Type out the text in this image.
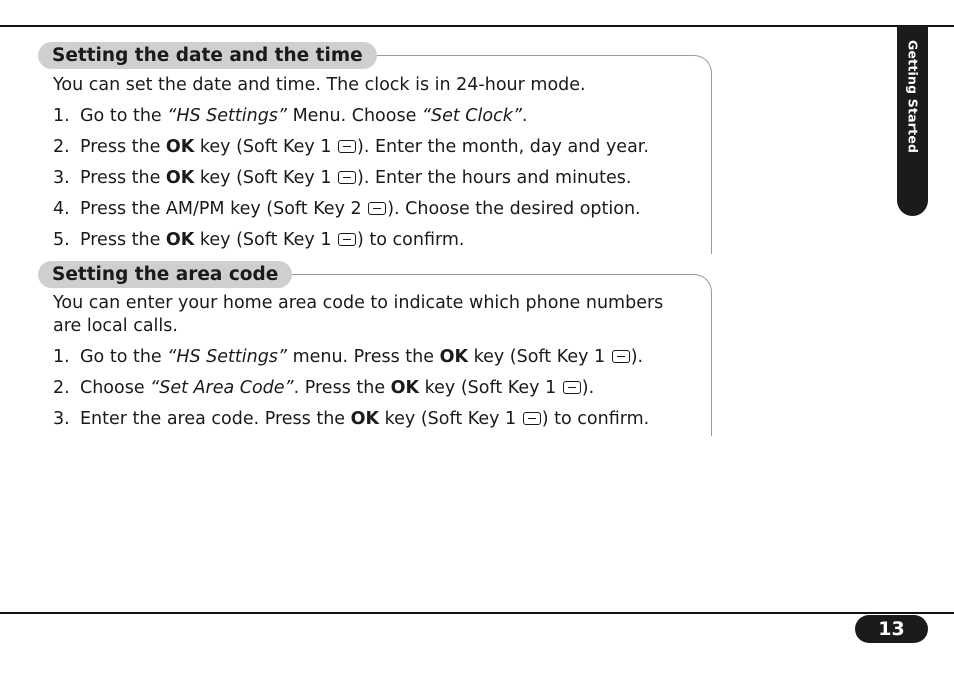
Getting Started
13
Setting the date and the time
You can set the date and time. The clock is in 24-hour mode.
1. Go to the “HS Settings” Menu. Choose “Set Clock”.
2. Press the OK key (Soft Key 1 ). Enter the month, day and year.
3. Press the OK key (Soft Key 1 ). Enter the hours and minutes.
4. Press the AM/PM key (Soft Key 2 ). Choose the desired option.
5. Press the OK key (Soft Key 1 ) to confirm.
Setting the area code
You can enter your home area code to indicate which phone numbers are local calls.
1. Go to the “HS Settings” menu. Press the OK key (Soft Key 1 ).
2. Choose “Set Area Code”. Press the OK key (Soft Key 1 ).
3. Enter the area code. Press the OK key (Soft Key 1 ) to confirm.
